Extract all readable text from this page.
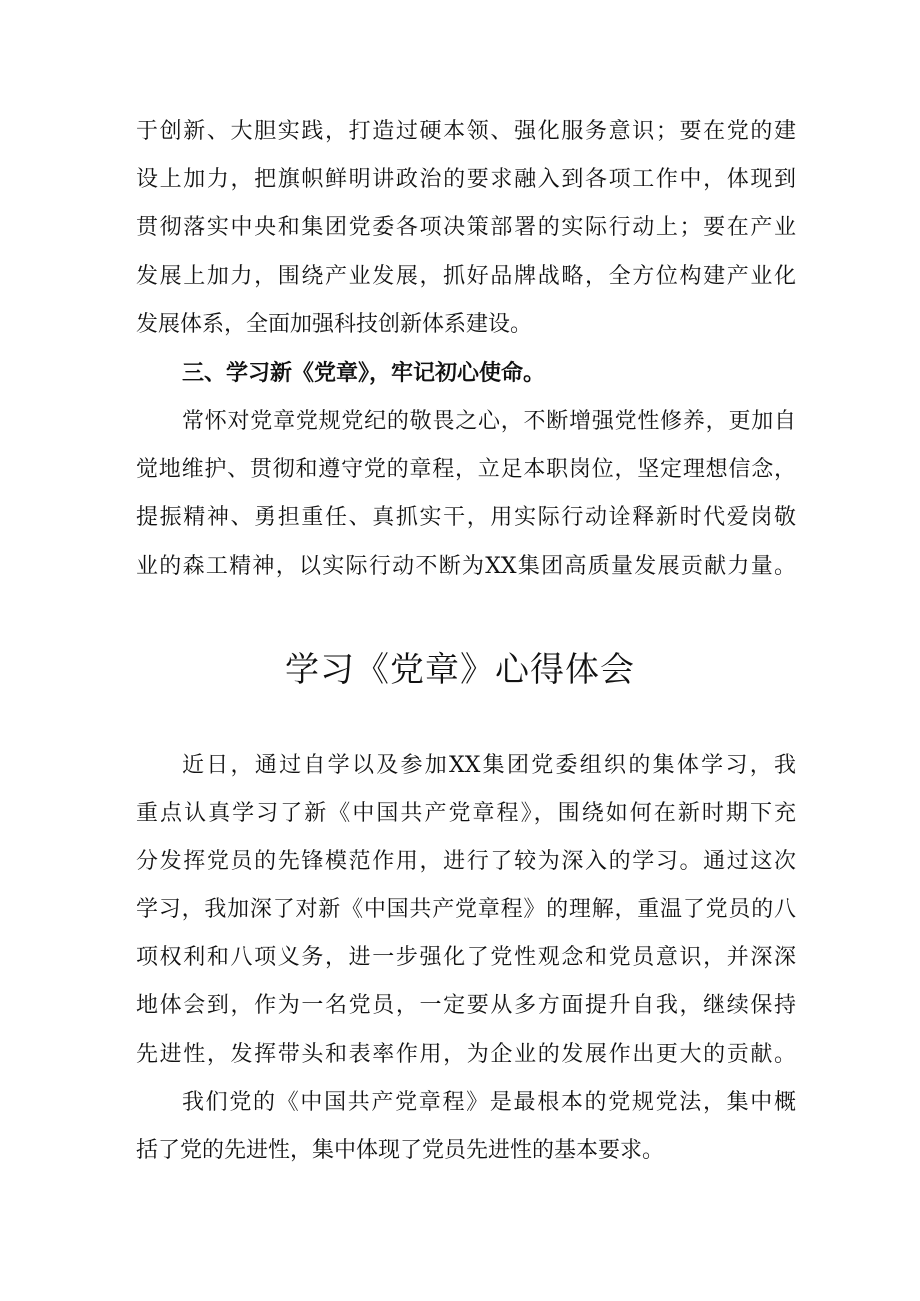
于创新、大胆实践，打造过硬本领、强化服务意识；要在党的建
设上加力，把旗帜鲜明讲政治的要求融入到各项工作中，体现到
贯彻落实中央和集团党委各项决策部署的实际行动上；要在产业
发展上加力，围绕产业发展，抓好品牌战略，全方位构建产业化
发展体系，全面加强科技创新体系建设。
三、学习新《党章》，牢记初心使命。
常怀对党章党规党纪的敬畏之心，不断增强党性修养，更加自
觉地维护、贯彻和遵守党的章程，立足本职岗位，坚定理想信念，
提振精神、勇担重任、真抓实干，用实际行动诠释新时代爱岗敬
业的森工精神，以实际行动不断为XX集团高质量发展贡献力量。
学习《党章》心得体会
近日，通过自学以及参加XX集团党委组织的集体学习，我
重点认真学习了新《中国共产党章程》，围绕如何在新时期下充
分发挥党员的先锋模范作用，进行了较为深入的学习。通过这次
学习，我加深了对新《中国共产党章程》的理解，重温了党员的八
项权利和八项义务，进一步强化了党性观念和党员意识，并深深
地体会到，作为一名党员，一定要从多方面提升自我，继续保持
先进性，发挥带头和表率作用，为企业的发展作出更大的贡献。
我们党的《中国共产党章程》是最根本的党规党法，集中概
括了党的先进性，集中体现了党员先进性的基本要求。
